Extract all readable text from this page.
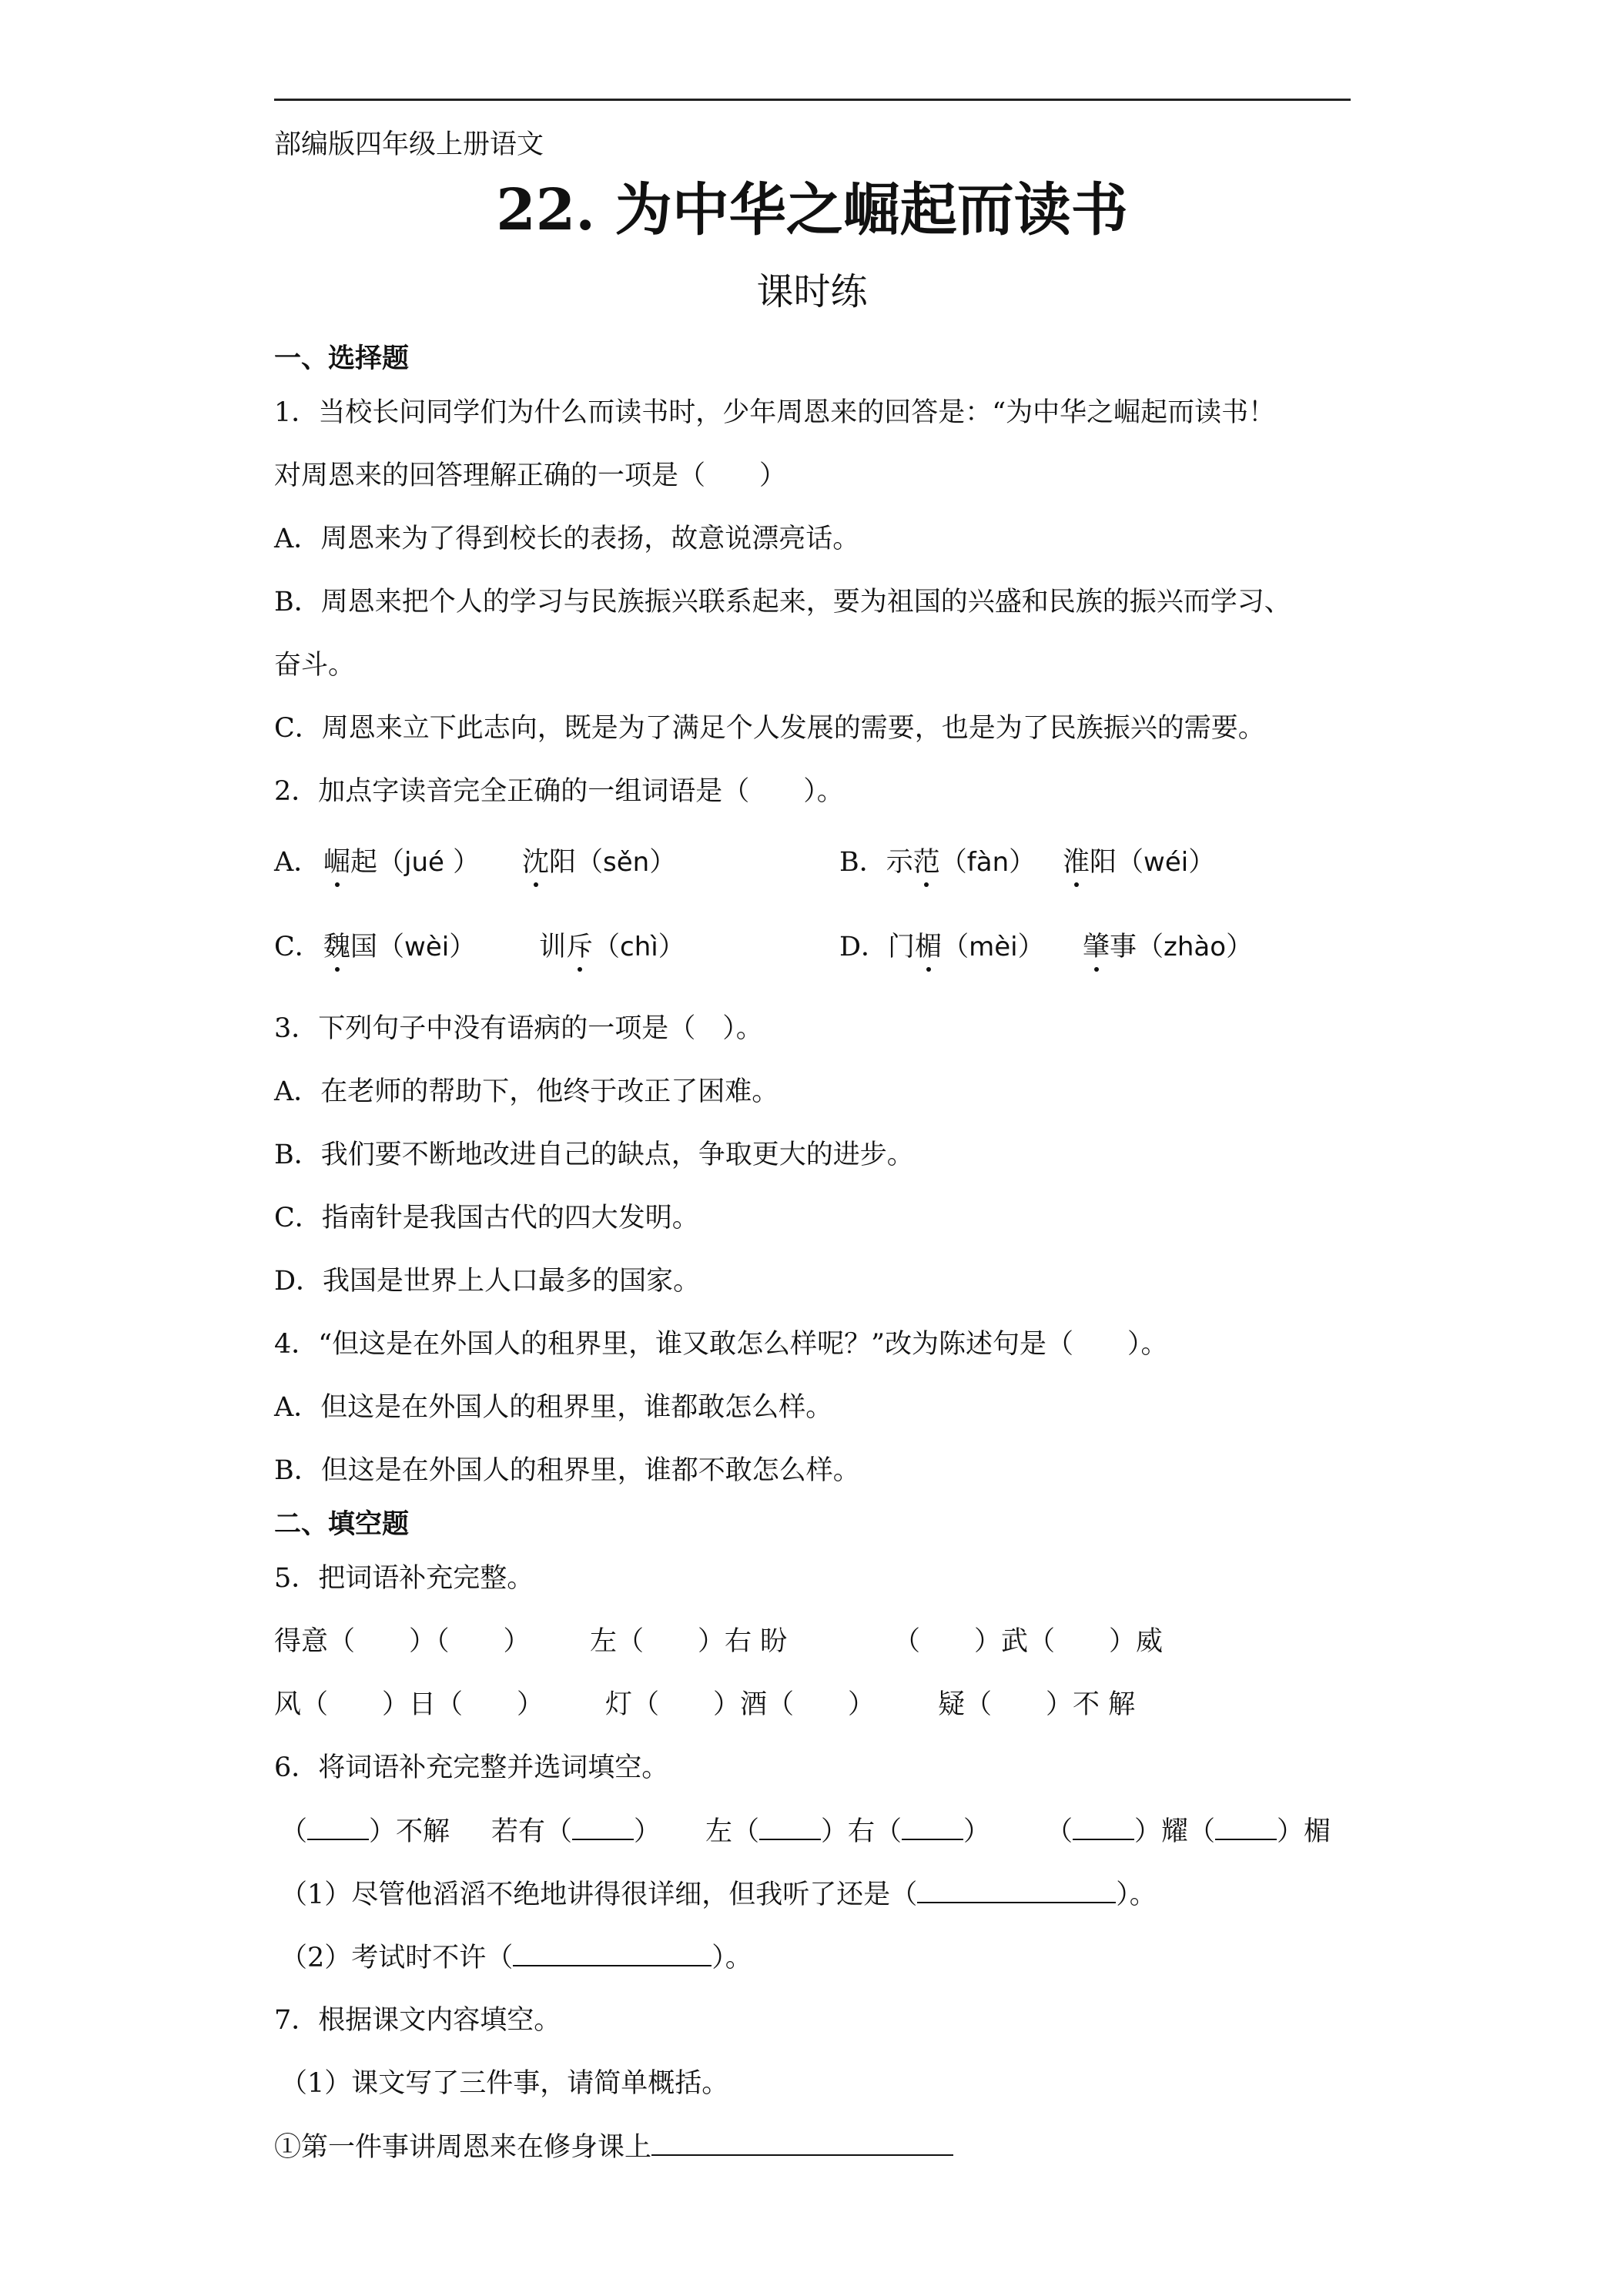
部编版四年级上册语文
22. 为中华之崛起而读书
课时练
一、选择题
1．当校长问同学们为什么而读书时，少年周恩来的回答是：“为中华之崛起而读书！
对周恩来的回答理解正确的一项是（　　）
A．周恩来为了得到校长的表扬，故意说漂亮话。
B．周恩来把个人的学习与民族振兴联系起来，要为祖国的兴盛和民族的振兴而学习、
奋斗。
C．周恩来立下此志向，既是为了满足个人发展的需要，也是为了民族振兴的需要。
2．加点字读音完全正确的一组词语是（　　）。
A． 崛起（jué ） 沈阳（sěn）	B．示范（fàn） 淮阳（wéi）
C． 魏国（wèi） 训斥（chì）	D．门楣（mèi） 肇事（zhào）
3．下列句子中没有语病的一项是（　）。
A．在老师的帮助下，他终于改正了困难。
B．我们要不断地改进自己的缺点，争取更大的进步。
C．指南针是我国古代的四大发明。
D．我国是世界上人口最多的国家。
4．“但这是在外国人的租界里，谁又敢怎么样呢？”改为陈述句是（　　）。
A．但这是在外国人的租界里，谁都敢怎么样。
B．但这是在外国人的租界里，谁都不敢怎么样。
二、填空题
5．把词语补充完整。
得意（　　）（　　） 左（　　）右 盼	（　　）武（　　）威
风（　　）日（　　） 灯（　　）酒（　　） 疑（　　）不 解
6．将词语补充完整并选词填空。
（ ）不解 若有（ ） 左（ ）右（ ） （ ）耀（ ）楣
（1）尽管他滔滔不绝地讲得很详细，但我听了还是（	）。
（2）考试时不许（	）。
7．根据课文内容填空。
（1）课文写了三件事，请简单概括。
①第一件事讲周恩来在修身课上
